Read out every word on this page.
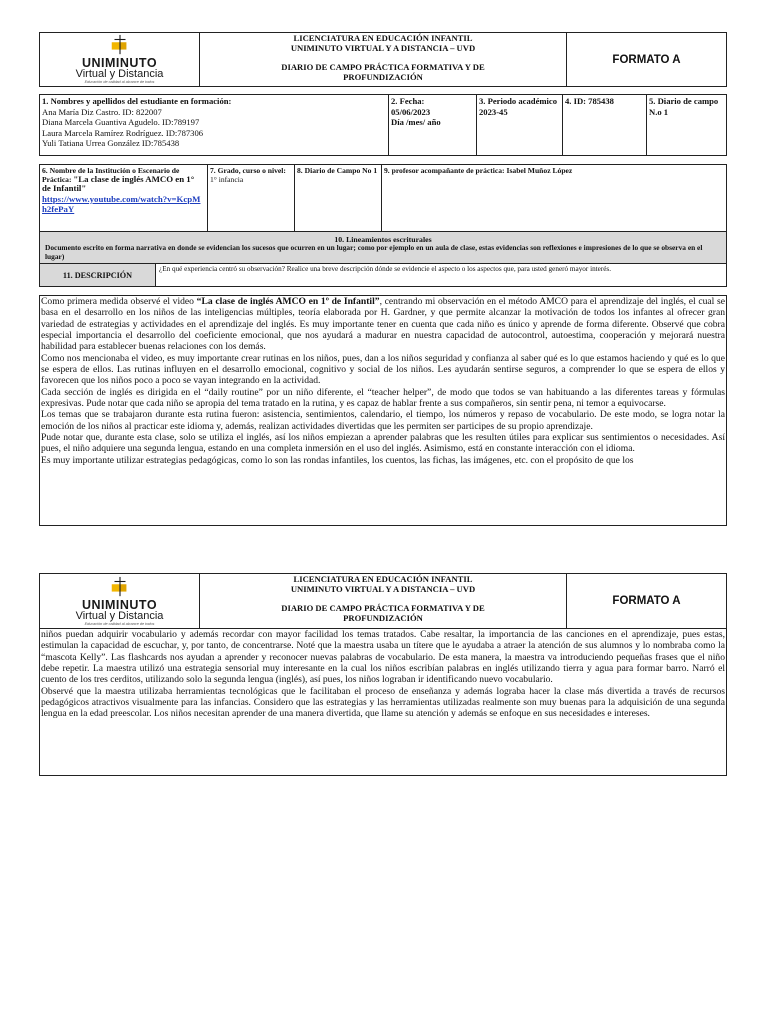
UNIMINUTO
Virtual y Distancia
Educación de calidad al alcance de todos
LICENCIATURA EN EDUCACIÓN INFANTIL
UNIMINUTO VIRTUAL Y A DISTANCIA – UVD
DIARIO DE CAMPO PRÁCTICA FORMATIVA Y DE
PROFUNDIZACIÓN
FORMATO A
1. Nombres y apellidos del estudiante en formación:
Ana María Diz Castro. ID: 822007
Diana Marcela Guantiva Agudelo. ID:789197
Laura Marcela Ramírez Rodríguez. ID:787306
Yuli Tatiana Urrea González ID:785438
2. Fecha:
05/06/2023
Día /mes/ año
3. Periodo académico
2023-45
4. ID: 785438	5. Diario de campo N.o 1
6. Nombre de la Institución o Escenario de Práctica: "La clase de inglés AMCO en 1° de Infantil"
https://www.youtube.com/watch?v=KcpMh2fePaY
7. Grado, curso o nivel: 1° infancia
8. Diario de Campo No 1 9. profesor acompañante de práctica: Isabel Muñoz López
10. Lineamientos escriturales
Documento escrito en forma narrativa en donde se evidencian los sucesos que ocurren en un lugar; como por ejemplo en un aula de clase, estas evidencias son reflexiones e impresiones de lo que se observa en el lugar)
11. DESCRIPCIÓN
¿En qué experiencia centró su observación? Realice una breve descripción dónde se evidencie el aspecto o los aspectos que, para usted generó mayor interés.

Como primera medida observé el video “La clase de inglés AMCO en 1º de Infantil”, centrando mi observación en el método AMCO para el aprendizaje del inglés, el cual se basa en el desarrollo en los niños de las inteligencias múltiples, teoría elaborada por H. Gardner, y que permite alcanzar la motivación de todos los infantes al ofrecer gran variedad de estrategias y actividades en el aprendizaje del inglés. Es muy importante tener en cuenta que cada niño es único y aprende de forma diferente. Observé que cobra especial importancia el desarrollo del coeficiente emocional, que nos ayudará a madurar en nuestra capacidad de autocontrol, autoestima, cooperación y mejorará nuestra habilidad para establecer buenas relaciones con los demás.

Como nos mencionaba el video, es muy importante crear rutinas en los niños, pues, dan a los niños seguridad y confianza al saber qué es lo que estamos haciendo y qué es lo que se espera de ellos. Las rutinas influyen en el desarrollo emocional, cognitivo y social de los niños. Les ayudarán sentirse seguros, a comprender lo que se espera de ellos y favorecen que los niños poco a poco se vayan integrando en la actividad.

Cada sección de inglés es dirigida en el “daily routine” por un niño diferente, el “teacher helper”, de modo que todos se van habituando a las diferentes tareas y fórmulas expresivas. Pude notar que cada niño se apropia del tema tratado en la rutina, y es capaz de hablar frente a sus compañeros, sin sentir pena, ni temor a equivocarse.

Los temas que se trabajaron durante esta rutina fueron: asistencia, sentimientos, calendario, el tiempo, los números y repaso de vocabulario. De este modo, se logra notar la emoción de los niños al practicar este idioma y, además, realizan actividades divertidas que les permiten ser participes de su propio aprendizaje.

Pude notar que, durante esta clase, solo se utiliza el inglés, así los niños empiezan a aprender palabras que les resulten útiles para explicar sus sentimientos o necesidades. Así pues, el niño adquiere una segunda lengua, estando en una completa inmersión en el uso del inglés. Asimismo, está en constante interacción con el idioma.

Es muy importante utilizar estrategias pedagógicas, como lo son las rondas infantiles, los cuentos, las fichas, las imágenes, etc. con el propósito de que los

UNIMINUTO
Virtual y Distancia
Educación de calidad al alcance de todos
LICENCIATURA EN EDUCACIÓN INFANTIL
UNIMINUTO VIRTUAL Y A DISTANCIA – UVD
DIARIO DE CAMPO PRÁCTICA FORMATIVA Y DE
PROFUNDIZACIÓN
FORMATO A

niños puedan adquirir vocabulario y además recordar con mayor facilidad los temas tratados. Cabe resaltar, la importancia de las canciones en el aprendizaje, pues estas, estimulan la capacidad de escuchar, y, por tanto, de concentrarse. Noté que la maestra usaba un títere que le ayudaba a atraer la atención de sus alumnos y lo nombraba como la “mascota Kelly”. Las flashcards nos ayudan a aprender y reconocer nuevas palabras de vocabulario. De esta manera, la maestra va introduciendo pequeñas frases que el niño debe repetir. La maestra utilizó una estrategia sensorial muy interesante en la cual los niños escribían palabras en inglés utilizando tierra y agua para formar barro. Narró el cuento de los tres cerditos, utilizando solo la segunda lengua (inglés), así pues, los niños lograban ir identificando nuevo vocabulario.

Observé que la maestra utilizaba herramientas tecnológicas que le facilitaban el proceso de enseñanza y además lograba hacer la clase más divertida a través de recursos pedagógicos atractivos visualmente para las infancias. Considero que las estrategias y las herramientas utilizadas realmente son muy buenas para la adquisición de una segunda lengua en la edad preescolar. Los niños necesitan aprender de una manera divertida, que llame su atención y además se enfoque en sus necesidades e intereses.
